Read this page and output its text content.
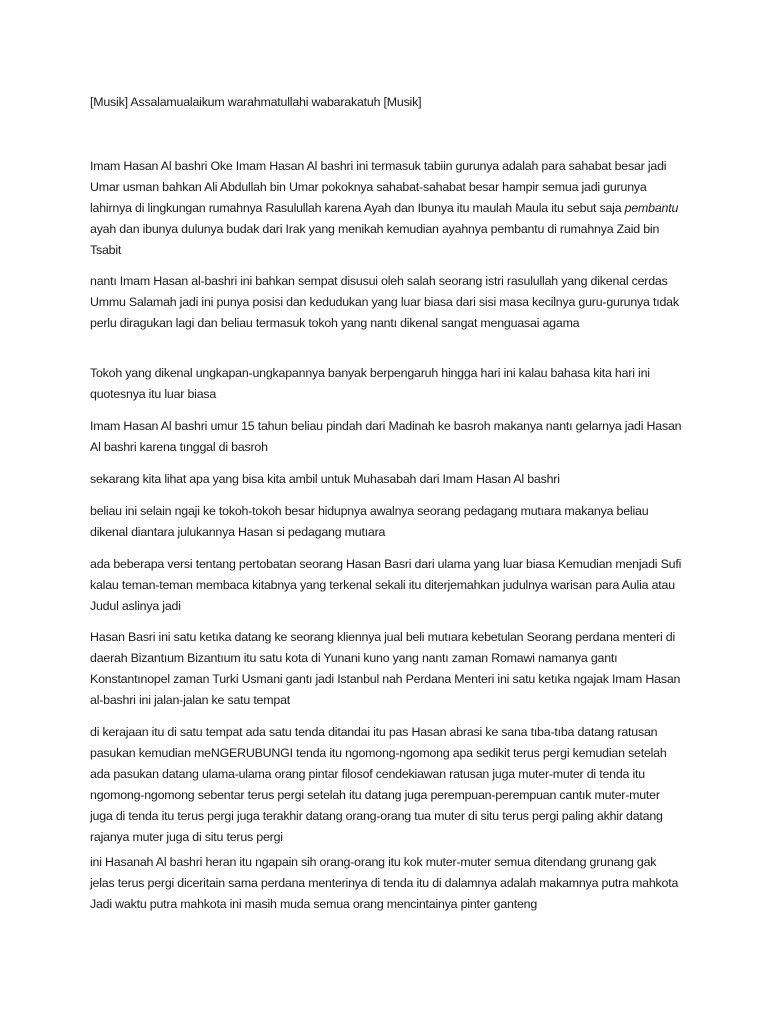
[Musik] Assalamualaikum warahmatullahi wabarakatuh [Musik]

Imam Hasan Al bashri Oke Imam Hasan Al bashri ini termasuk tabiin gurunya adalah para sahabat besar jadi Umar usman bahkan Ali Abdullah bin Umar pokoknya sahabat-sahabat besar hampir semua jadi gurunya lahirnya di lingkungan rumahnya Rasulullah karena Ayah dan Ibunya itu maulah Maula itu sebut saja pembantu ayah dan ibunya dulunya budak dari Irak yang menikah kemudian ayahnya pembantu di rumahnya Zaid bin Tsabit

nantı Imam Hasan al-bashri ini bahkan sempat disusui oleh salah seorang istri rasulullah yang dikenal cerdas Ummu Salamah jadi ini punya posisi dan kedudukan yang luar biasa dari sisi masa kecilnya guru-gurunya tıdak perlu diragukan lagi dan beliau termasuk tokoh yang nantı dikenal sangat menguasai agama

Tokoh yang dikenal ungkapan-ungkapannya banyak berpengaruh hingga hari ini kalau bahasa kita hari ini quotesnya itu luar biasa

Imam Hasan Al bashri umur 15 tahun beliau pindah dari Madinah ke basroh makanya nantı gelarnya jadi Hasan Al bashri karena tınggal di basroh

sekarang kita lihat apa yang bisa kita ambil untuk Muhasabah dari Imam Hasan Al bashri

beliau ini selain ngaji ke tokoh-tokoh besar hidupnya awalnya seorang pedagang mutıara makanya beliau dikenal diantara julukannya Hasan si pedagang mutıara

ada beberapa versi tentang pertobatan seorang Hasan Basri dari ulama yang luar biasa Kemudian menjadi Sufi kalau teman-teman membaca kitabnya yang terkenal sekali itu diterjemahkan judulnya warisan para Aulia atau Judul aslinya jadi

Hasan Basri ini satu ketıka datang ke seorang kliennya jual beli mutıara kebetulan Seorang perdana menteri di daerah Bizantıum Bizantıum itu satu kota di Yunani kuno yang nantı zaman Romawi namanya gantı Konstantınopel zaman Turki Usmani gantı jadi Istanbul nah Perdana Menteri ini satu ketıka ngajak Imam Hasan al-bashri ini jalan-jalan ke satu tempat

di kerajaan itu di satu tempat ada satu tenda ditandai itu pas Hasan abrasi ke sana tıba-tıba datang ratusan pasukan kemudian meNGERUBUNGI tenda itu ngomong-ngomong apa sedikit terus pergi kemudian setelah ada pasukan datang ulama-ulama orang pintar filosof cendekiawan ratusan juga muter-muter di tenda itu ngomong-ngomong sebentar terus pergi setelah itu datang juga perempuan-perempuan cantık muter-muter juga di tenda itu terus pergi juga terakhir datang orang-orang tua muter di situ terus pergi paling akhir datang rajanya muter juga di situ terus pergi

ini Hasanah Al bashri heran itu ngapain sih orang-orang itu kok muter-muter semua ditendang grunang gak jelas terus pergi diceritain sama perdana menterinya di tenda itu di dalamnya adalah makamnya putra mahkota Jadi waktu putra mahkota ini masih muda semua orang mencintainya pinter ganteng
